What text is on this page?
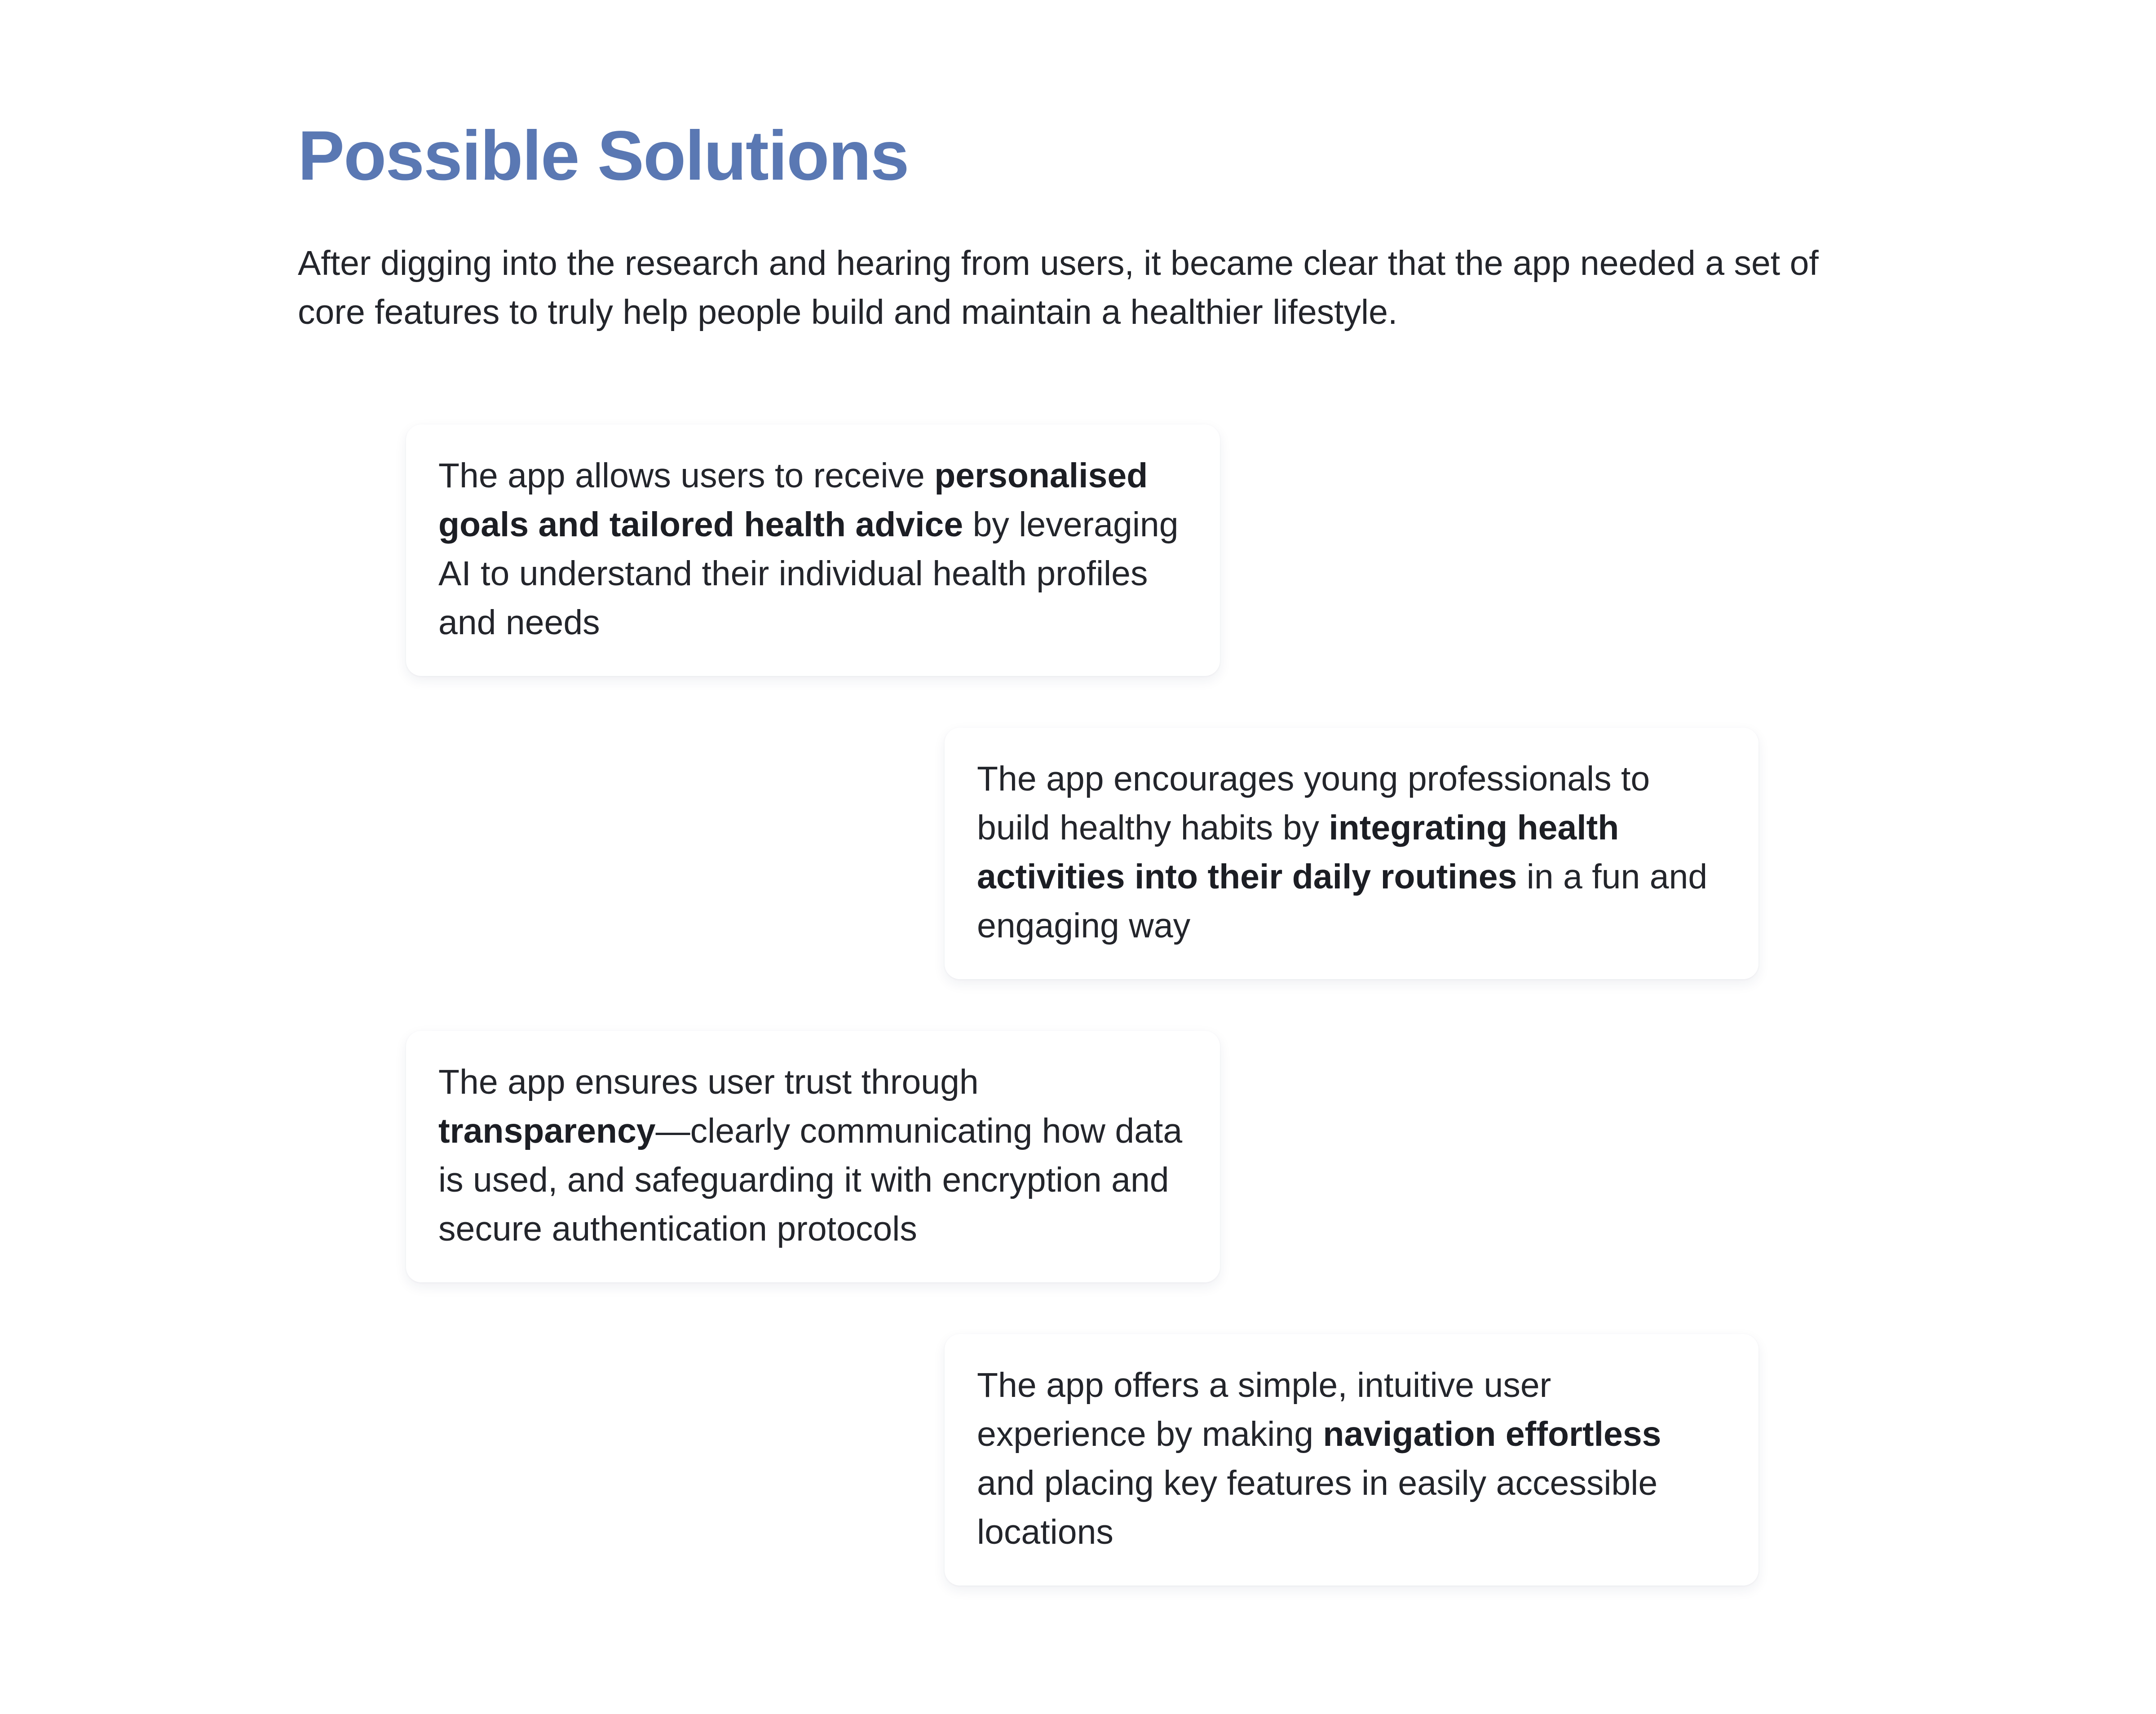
Possible Solutions

After digging into the research and hearing from users, it became clear that the app needed a set of core features to truly help people build and maintain a healthier lifestyle.

The app allows users to receive personalised goals and tailored health advice by leveraging AI to understand their individual health profiles and needs

The app encourages young professionals to build healthy habits by integrating health activities into their daily routines in a fun and engaging way

The app ensures user trust through transparency—clearly communicating how data is used, and safeguarding it with encryption and secure authentication protocols

The app offers a simple, intuitive user experience by making navigation effortless and placing key features in easily accessible locations
